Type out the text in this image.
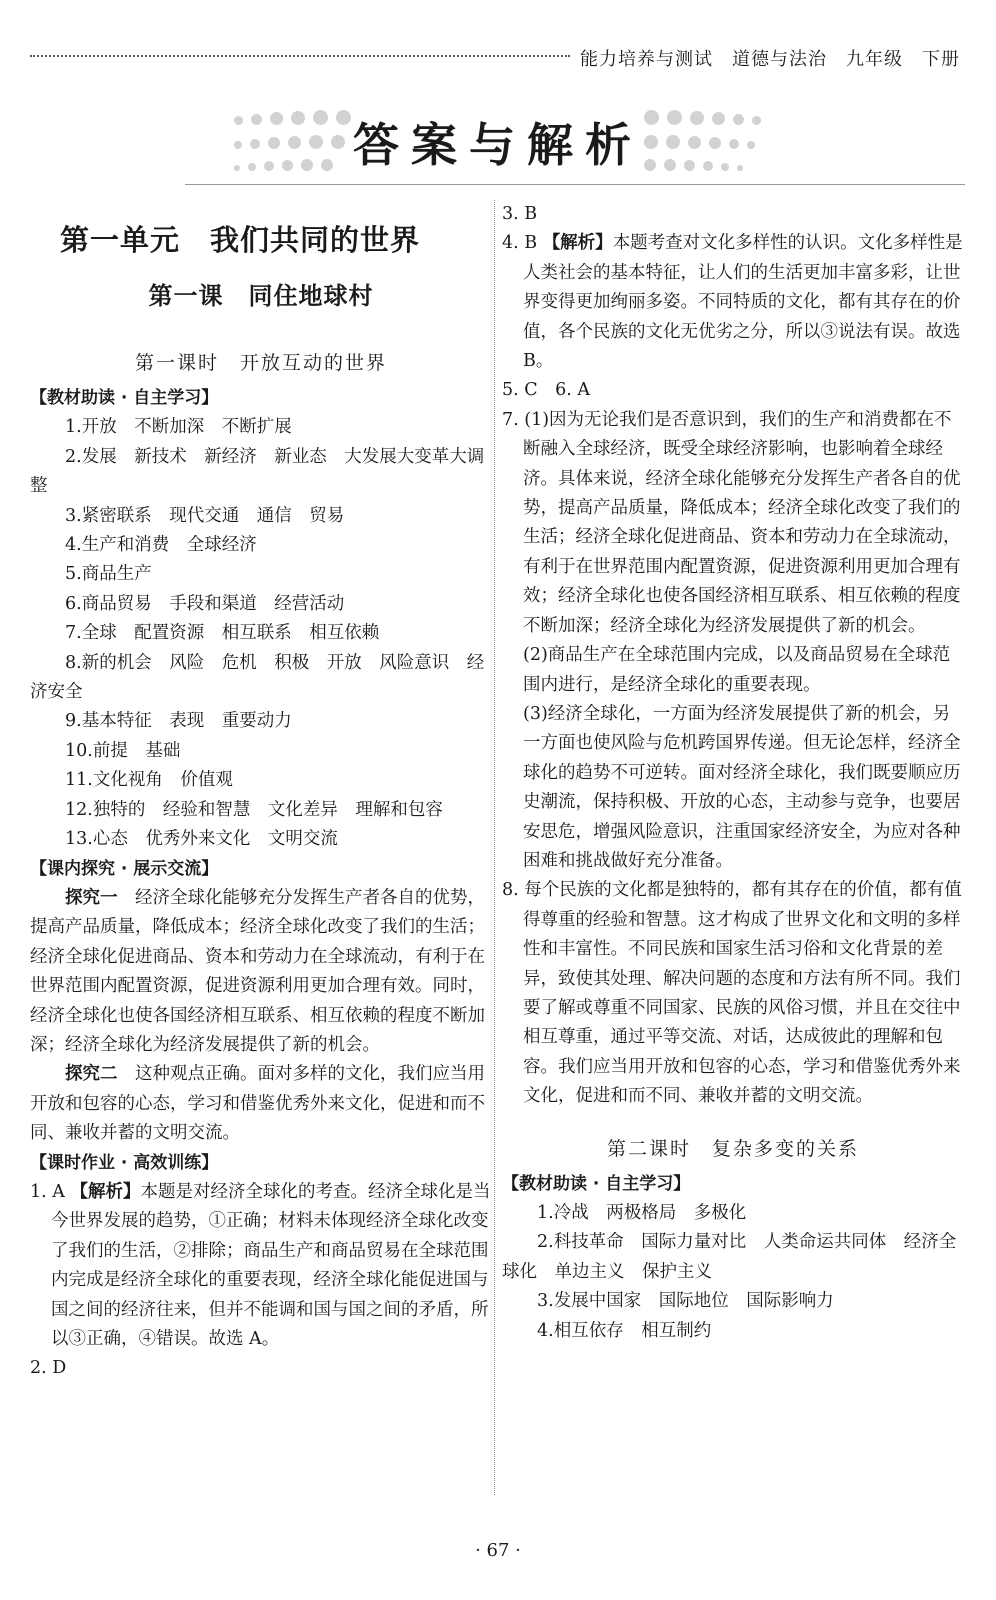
能力培养与测试　道德与法治　九年级　下册
答案与解析
第一单元　我们共同的世界
第一课　同住地球村
第一课时　开放互动的世界

【教材助读 · 自主学习】

1.开放　不断加深　不断扩展

2.发展　新技术　新经济　新业态　大发展大变革大调整

3.紧密联系　现代交通　通信　贸易

4.生产和消费　全球经济

5.商品生产

6.商品贸易　手段和渠道　经营活动

7.全球　配置资源　相互联系　相互依赖

8.新的机会　风险　危机　积极　开放　风险意识　经济安全

9.基本特征　表现　重要动力

10.前提　基础

11.文化视角　价值观

12.独特的　经验和智慧　文化差异　理解和包容

13.心态　优秀外来文化　文明交流

【课内探究 · 展示交流】

探究一　经济全球化能够充分发挥生产者各自的优势，提高产品质量，降低成本；经济全球化改变了我们的生活；经济全球化促进商品、资本和劳动力在全球流动，有利于在世界范围内配置资源，促进资源利用更加合理有效。同时，经济全球化也使各国经济相互联系、相互依赖的程度不断加深；经济全球化为经济发展提供了新的机会。

探究二　这种观点正确。面对多样的文化，我们应当用开放和包容的心态，学习和借鉴优秀外来文化，促进和而不同、兼收并蓄的文明交流。

【课时作业 · 高效训练】

1. A 【解析】本题是对经济全球化的考查。经济全球化是当今世界发展的趋势，①正确；材料未体现经济全球化改变了我们的生活，②排除；商品生产和商品贸易在全球范围内完成是经济全球化的重要表现，经济全球化能促进国与国之间的经济往来，但并不能调和国与国之间的矛盾，所以③正确，④错误。故选 A。

2. D

3. B

4. B 【解析】本题考查对文化多样性的认识。文化多样性是人类社会的基本特征，让人们的生活更加丰富多彩，让世界变得更加绚丽多姿。不同特质的文化，都有其存在的价值，各个民族的文化无优劣之分，所以③说法有误。故选 B。

5. C　6. A

7. (1)因为无论我们是否意识到，我们的生产和消费都在不断融入全球经济，既受全球经济影响，也影响着全球经济。具体来说，经济全球化能够充分发挥生产者各自的优势，提高产品质量，降低成本；经济全球化改变了我们的生活；经济全球化促进商品、资本和劳动力在全球流动，有利于在世界范围内配置资源，促进资源利用更加合理有效；经济全球化也使各国经济相互联系、相互依赖的程度不断加深；经济全球化为经济发展提供了新的机会。

(2)商品生产在全球范围内完成，以及商品贸易在全球范围内进行，是经济全球化的重要表现。

(3)经济全球化，一方面为经济发展提供了新的机会，另一方面也使风险与危机跨国界传递。但无论怎样，经济全球化的趋势不可逆转。面对经济全球化，我们既要顺应历史潮流，保持积极、开放的心态，主动参与竞争，也要居安思危，增强风险意识，注重国家经济安全，为应对各种困难和挑战做好充分准备。

8. 每个民族的文化都是独特的，都有其存在的价值，都有值得尊重的经验和智慧。这才构成了世界文化和文明的多样性和丰富性。不同民族和国家生活习俗和文化背景的差异，致使其处理、解决问题的态度和方法有所不同。我们要了解或尊重不同国家、民族的风俗习惯，并且在交往中相互尊重，通过平等交流、对话，达成彼此的理解和包容。我们应当用开放和包容的心态，学习和借鉴优秀外来文化，促进和而不同、兼收并蓄的文明交流。

第二课时　复杂多变的关系

【教材助读 · 自主学习】

1.冷战　两极格局　多极化

2.科技革命　国际力量对比　人类命运共同体　经济全球化　单边主义　保护主义

3.发展中国家　国际地位　国际影响力

4.相互依存　相互制约

· 67 ·
